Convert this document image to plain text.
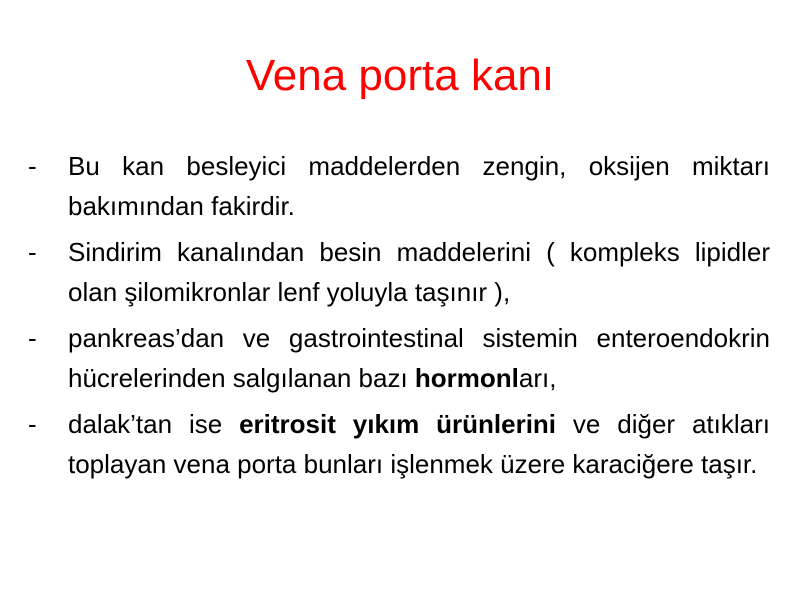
Vena porta kanı
-	Bu kan besleyici maddelerden zengin, oksijen miktarı bakımından fakirdir.
-	Sindirim kanalından besin maddelerini ( kompleks lipidler olan şilomikronlar lenf yoluyla taşınır ),
-	pankreas’dan ve gastrointestinal sistemin enteroendokrin hücrelerinden salgılanan bazı hormonları,
-	dalak’tan ise eritrosit yıkım ürünlerini ve diğer atıkları toplayan vena porta bunları işlenmek üzere karaciğere taşır.
